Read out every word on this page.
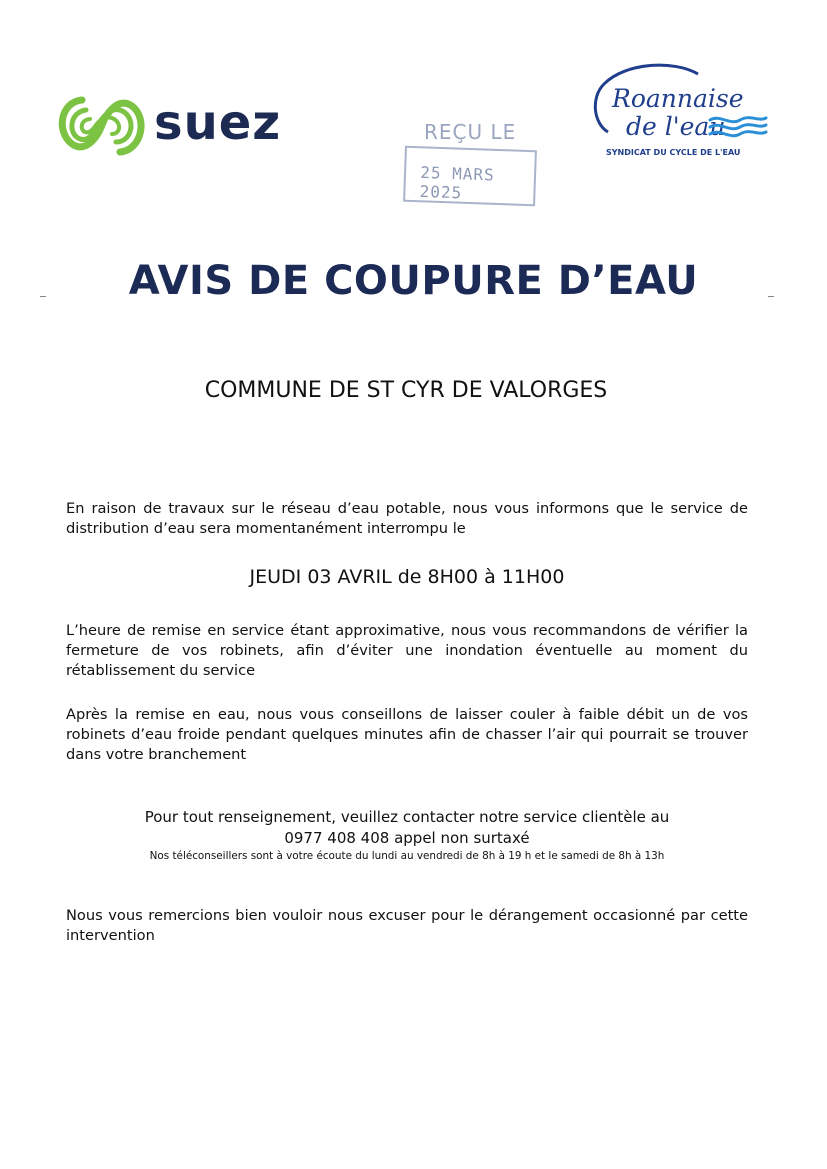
suez	REÇU LE
25 MARS 2025
Roannaise
de l'eau
SYNDICAT DU CYCLE DE L'EAU
AVIS DE COUPURE D’EAU
COMMUNE DE ST CYR DE VALORGES
En raison de travaux sur le réseau d’eau potable, nous vous informons que le service de distribution d’eau sera momentanément interrompu le
JEUDI 03 AVRIL de 8H00 à 11H00
L’heure de remise en service étant approximative, nous vous recommandons de vérifier la fermeture de vos robinets, afin d’éviter une inondation éventuelle au moment du rétablissement du service
Après la remise en eau, nous vous conseillons de laisser couler à faible débit un de vos robinets d’eau froide pendant quelques minutes afin de chasser l’air qui pourrait se trouver dans votre branchement
Pour tout renseignement, veuillez contacter notre service clientèle au
0977 408 408 appel non surtaxé
Nos téléconseillers sont à votre écoute du lundi au vendredi de 8h à 19 h et le samedi de 8h à 13h
Nous vous remercions bien vouloir nous excuser pour le dérangement occasionné par cette intervention
